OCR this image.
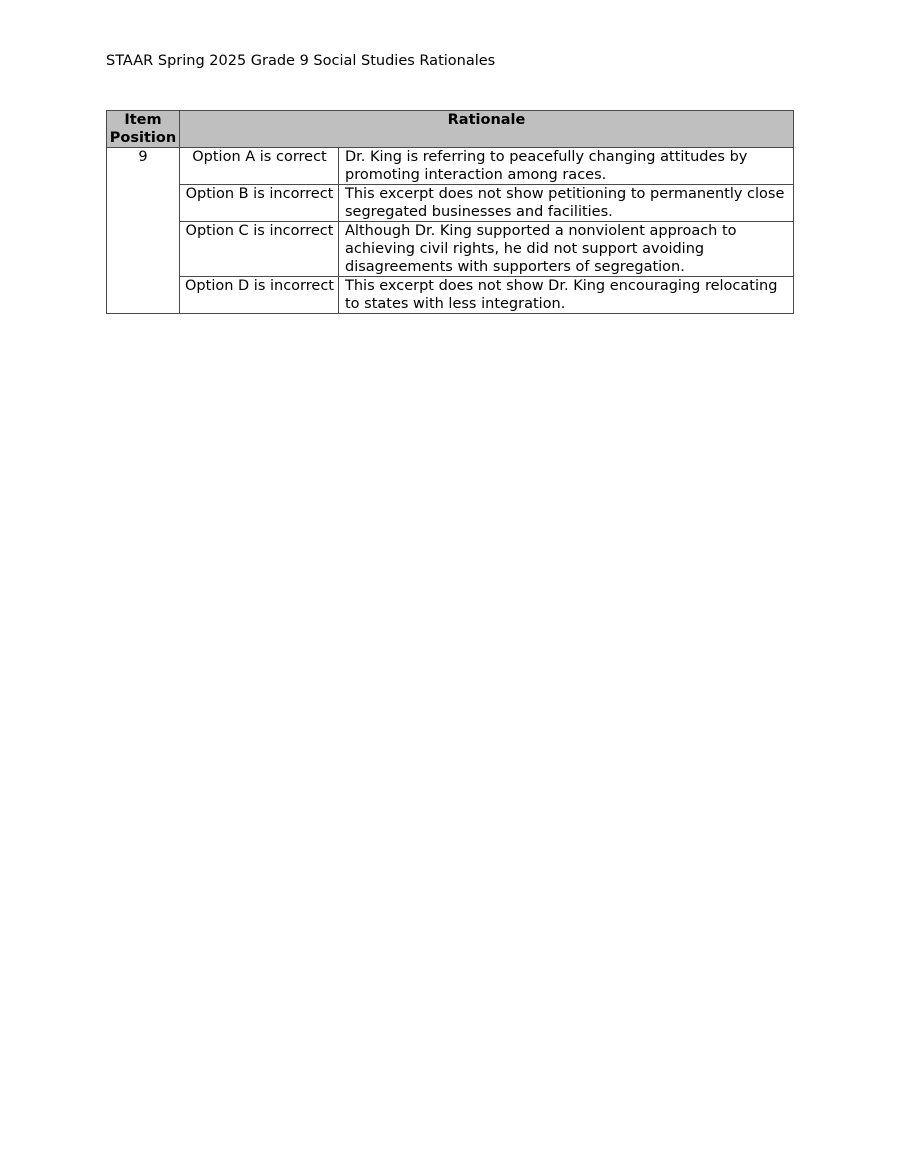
STAAR Spring 2025 Grade 9 Social Studies Rationales
Item Position	Rationale	
9	Option A is correct	Dr. King is referring to peacefully changing attitudes by promoting interaction among races.
	Option B is incorrect	This excerpt does not show petitioning to permanently close segregated businesses and facilities.
	Option C is incorrect	Although Dr. King supported a nonviolent approach to achieving civil rights, he did not support avoiding disagreements with supporters of segregation.
	Option D is incorrect	This excerpt does not show Dr. King encouraging relocating to states with less integration.
